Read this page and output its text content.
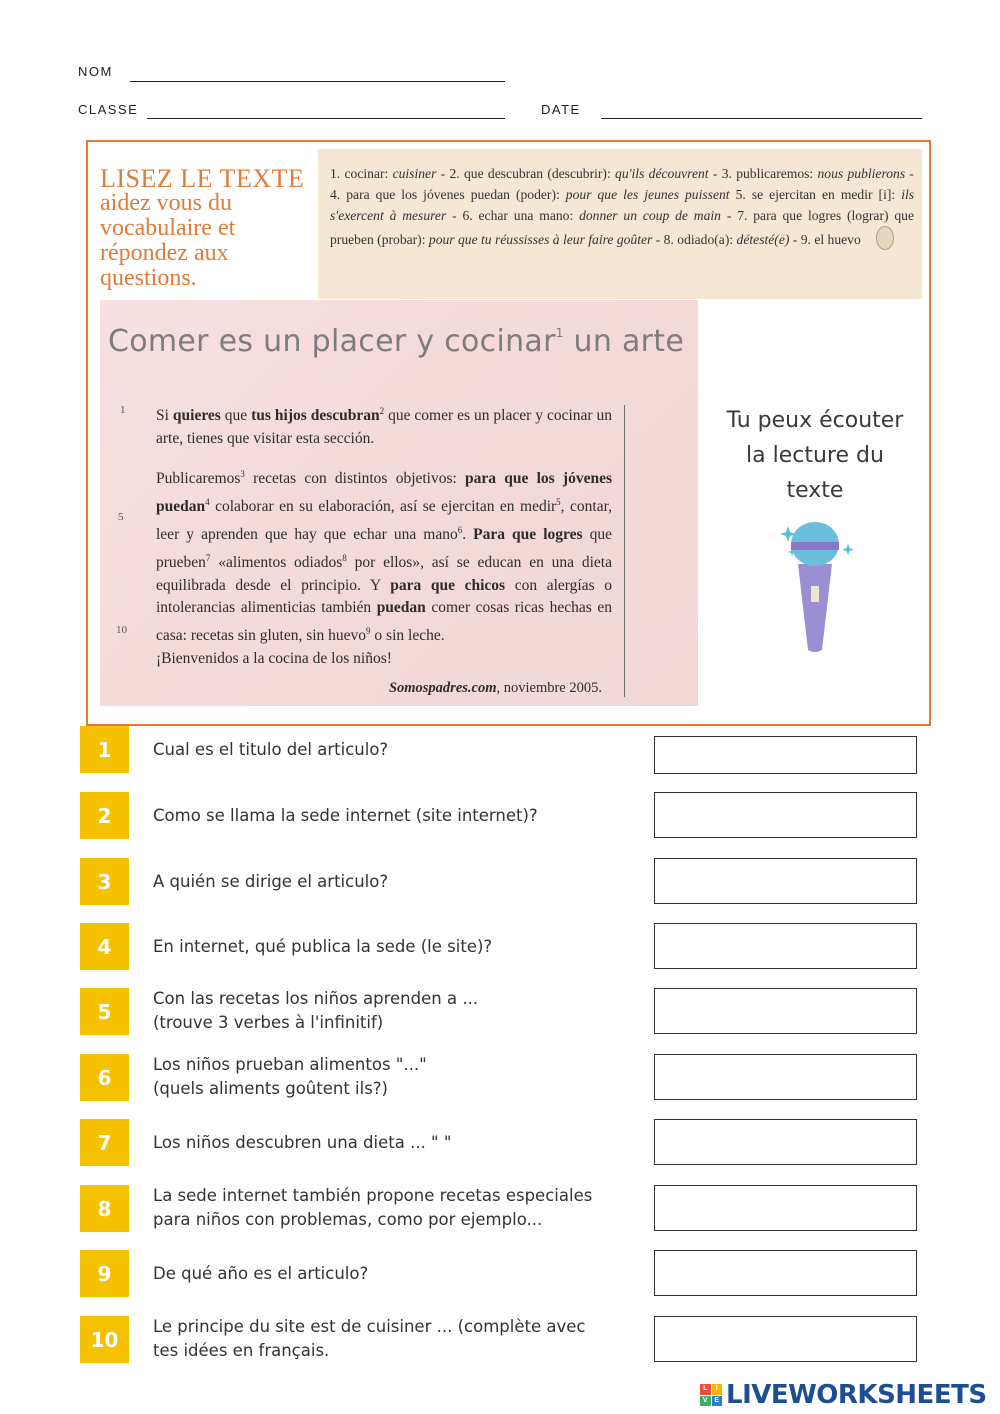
NOM
CLASSE	DATE
LISEZ LE TEXTE
aidez vous du vocabulaire et répondez aux questions.
1. cocinar: cuisiner - 2. que descubran (descubrir): qu'ils découvrent - 3. publicaremos: nous publierons - 4. para que los jóvenes puedan (poder): pour que les jeunes puissent 5. se ejercitan en medir [i]: ils s'exercent à mesurer - 6. echar una mano: donner un coup de main - 7. para que logres (lograr) que prueben (probar): pour que tu réussisses à leur faire goûter - 8. odiado(a): détesté(e) - 9. el huevo
Comer es un placer y cocinar$^1$ un arte
1
5
10

Si quieres que tus hijos descubran$^2$ que comer es un placer y cocinar un arte, tienes que visitar esta sección.

Publicaremos$^3$ recetas con distintos objetivos: para que los jóvenes puedan$^4$ colaborar en su elaboración, así se ejercitan en medir$^5$, contar, leer y aprenden que hay que echar una mano$^6$. Para que logres que prueben$^7$ «alimentos odiados$^8$ por ellos», así se educan en una dieta equilibrada desde el principio. Y para que chicos con alergías o intolerancias alimenticias también puedan comer cosas ricas hechas en casa: recetas sin gluten, sin huevo$^9$ o sin leche.
¡Bienvenidos a la cocina de los niños!

Somospadres.com, noviembre 2005.
Tu peux écouter la lecture du texte
1	Cual es el titulo del articulo?
2	Como se llama la sede internet (site internet)?
3	A quién se dirige el articulo?
4	En internet, qué publica la sede (le site)?
5
Con las recetas los niños aprenden a ...
(trouve 3 verbes à l'infinitif)
6
Los niños prueban alimentos "..."
(quels aliments goûtent ils?)
7	Los niños descubren una dieta ... " "
8
La sede internet también propone recetas especiales
para niños con problemas, como por ejemplo...
9	De qué año es el articulo?
10
Le principe du site est de cuisiner ... (complète avec
tes idées en français.
L	I
V E LIVEWORKSHEETS
